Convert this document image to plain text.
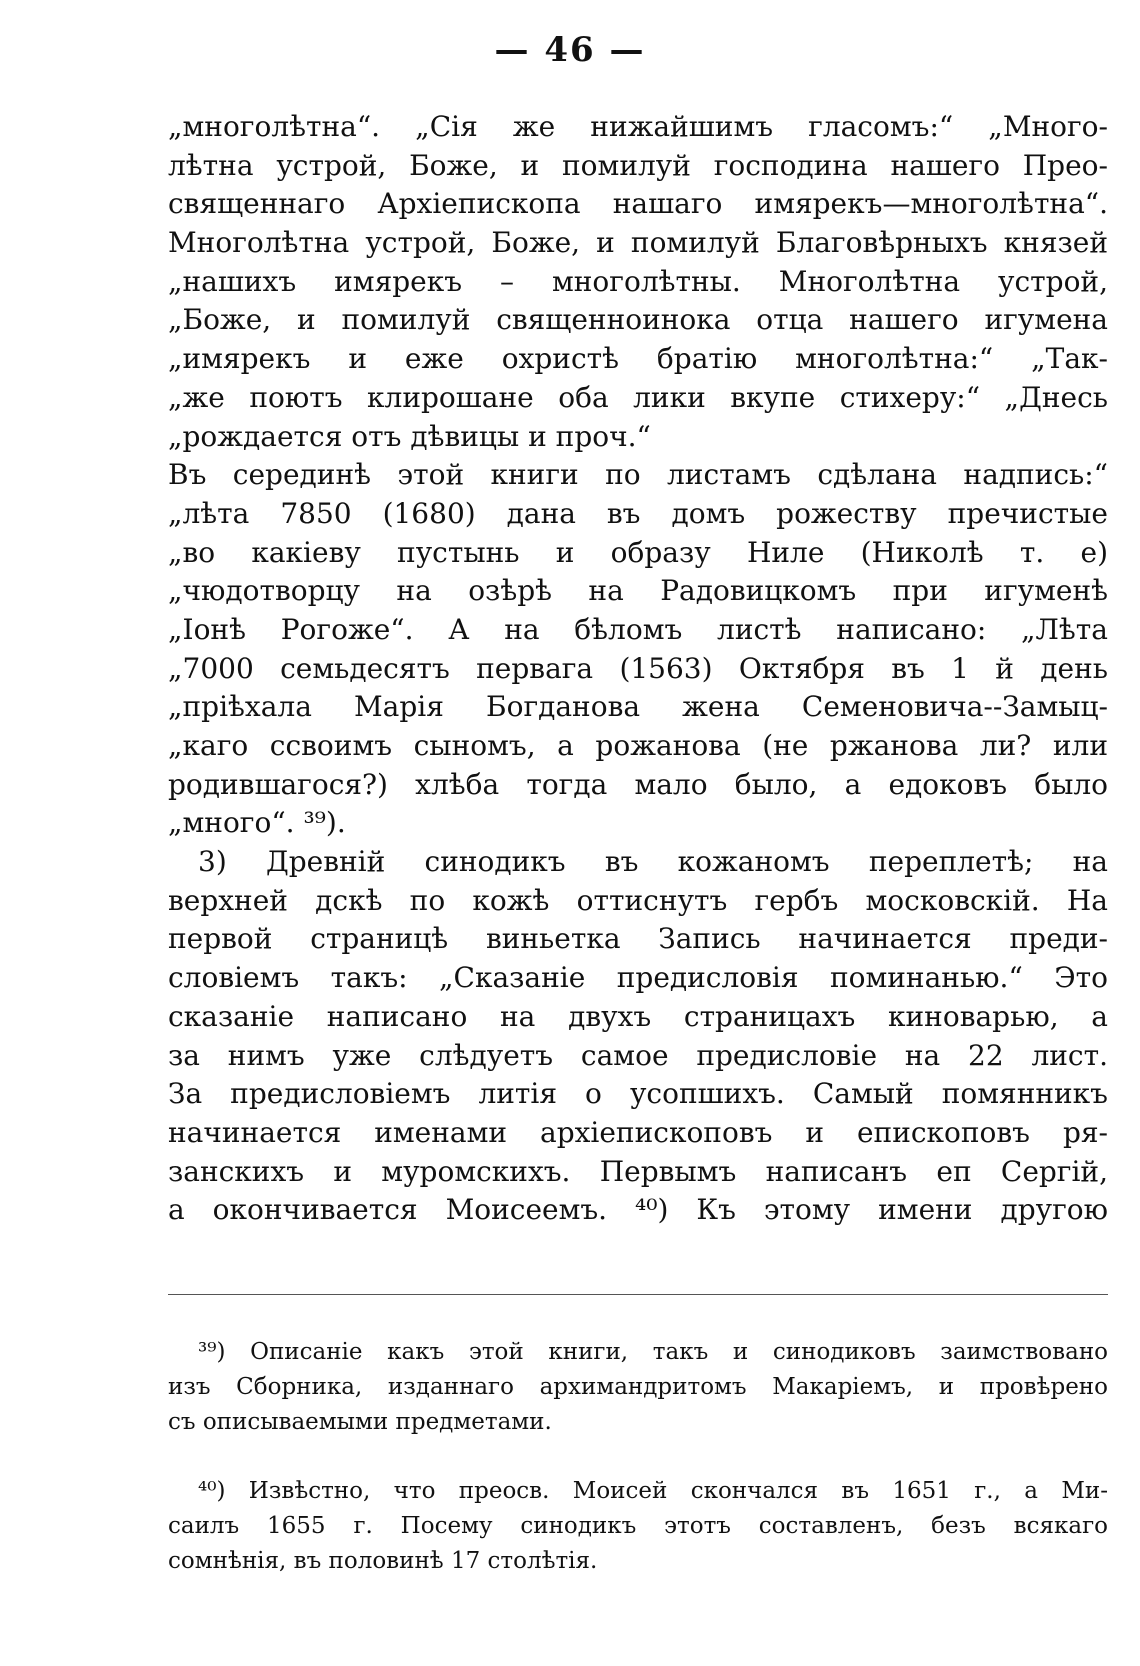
— 46 —
„многолѣтна“. „Сія же нижайшимъ гласомъ:“ „Много-
лѣтна устрой, Боже, и помилуй господина нашего Прео-
священнаго Архіепископа нашаго имярекъ—многолѣтна“.
Многолѣтна устрой, Боже, и помилуй Благовѣрныхъ князей
„нашихъ имярекъ – многолѣтны. Многолѣтна устрой,
„Боже, и помилуй священноинока отца нашего игумена
„имярекъ и еже охристѣ братію многолѣтна:“ „Так-
„же поютъ клирошане оба лики вкупе стихеру:“ „Днесь
„рождается отъ дѣвицы и проч.“
Въ серединѣ этой книги по листамъ сдѣлана надпись:“
„лѣта 7850 (1680) дана въ домъ рожеству пречистые
„во какіеву пустынь и образу Ниле (Николѣ т. е)
„чюдотворцу на озѣрѣ на Радовицкомъ при игуменѣ
„Іонѣ Рогоже“. А на бѣломъ листѣ написано: „Лѣта
„7000 семьдесятъ первага (1563) Октября въ 1 й день
„пріѣхала Марія Богданова жена Семеновича--Замыц-
„каго ссвоимъ сыномъ, а рожанова (не ржанова ли? или
родившагося?) хлѣба тогда мало было, а едоковъ было
„много“. ³⁹).
3) Древній синодикъ въ кожаномъ переплетѣ; на
верхней дскѣ по кожѣ оттиснутъ гербъ московскій. На
первой страницѣ виньетка Запись начинается преди-
словіемъ такъ: „Сказаніе предисловія поминанью.“ Это
сказаніе написано на двухъ страницахъ киноварью, а
за нимъ уже слѣдуетъ самое предисловіе на 22 лист.
За предисловіемъ литія о усопшихъ. Самый помянникъ
начинается именами архіепископовъ и епископовъ ря-
занскихъ и муромскихъ. Первымъ написанъ еп Сергій,
а окончивается Моисеемъ. ⁴⁰) Къ этому имени другою
³⁹) Описаніе какъ этой книги, такъ и синодиковъ заимствовано
изъ Сборника, изданнаго архимандритомъ Макаріемъ, и провѣрено
съ описываемыми предметами.
⁴⁰) Извѣстно, что преосв. Моисей скончался въ 1651 г., а Ми-
саилъ 1655 г. Посему синодикъ этотъ составленъ, безъ всякаго
сомнѣнія, въ половинѣ 17 столѣтія.
